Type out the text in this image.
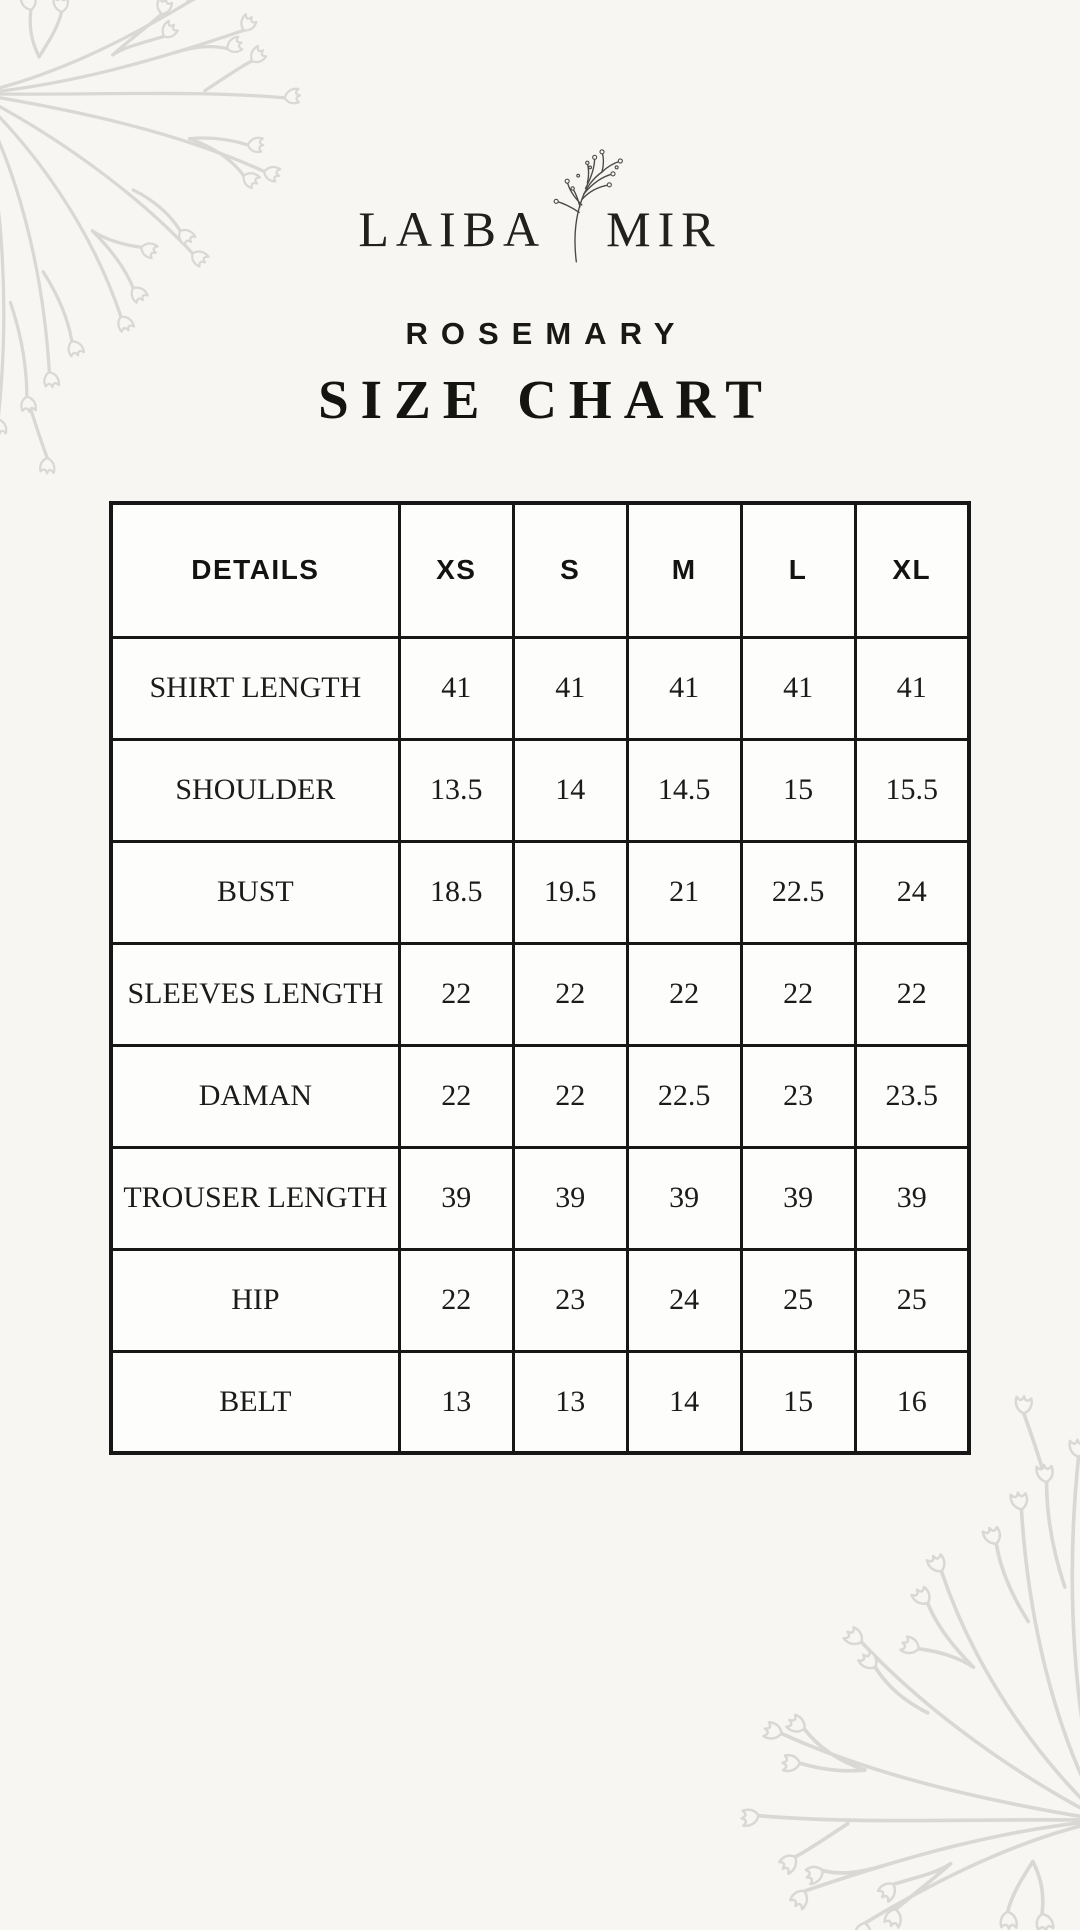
LAIBA MIR
ROSEMARY
SIZE CHART
DETAILS	XS	S	M	L	XL
SHIRT LENGTH	41	41	41	41	41
SHOULDER	13.5	14	14.5	15	15.5
BUST	18.5	19.5	21	22.5	24
SLEEVES LENGTH	22	22	22	22	22
DAMAN	22	22	22.5	23	23.5
TROUSER LENGTH	39	39	39	39	39
HIP	22	23	24	25	25
BELT	13	13	14	15	16
